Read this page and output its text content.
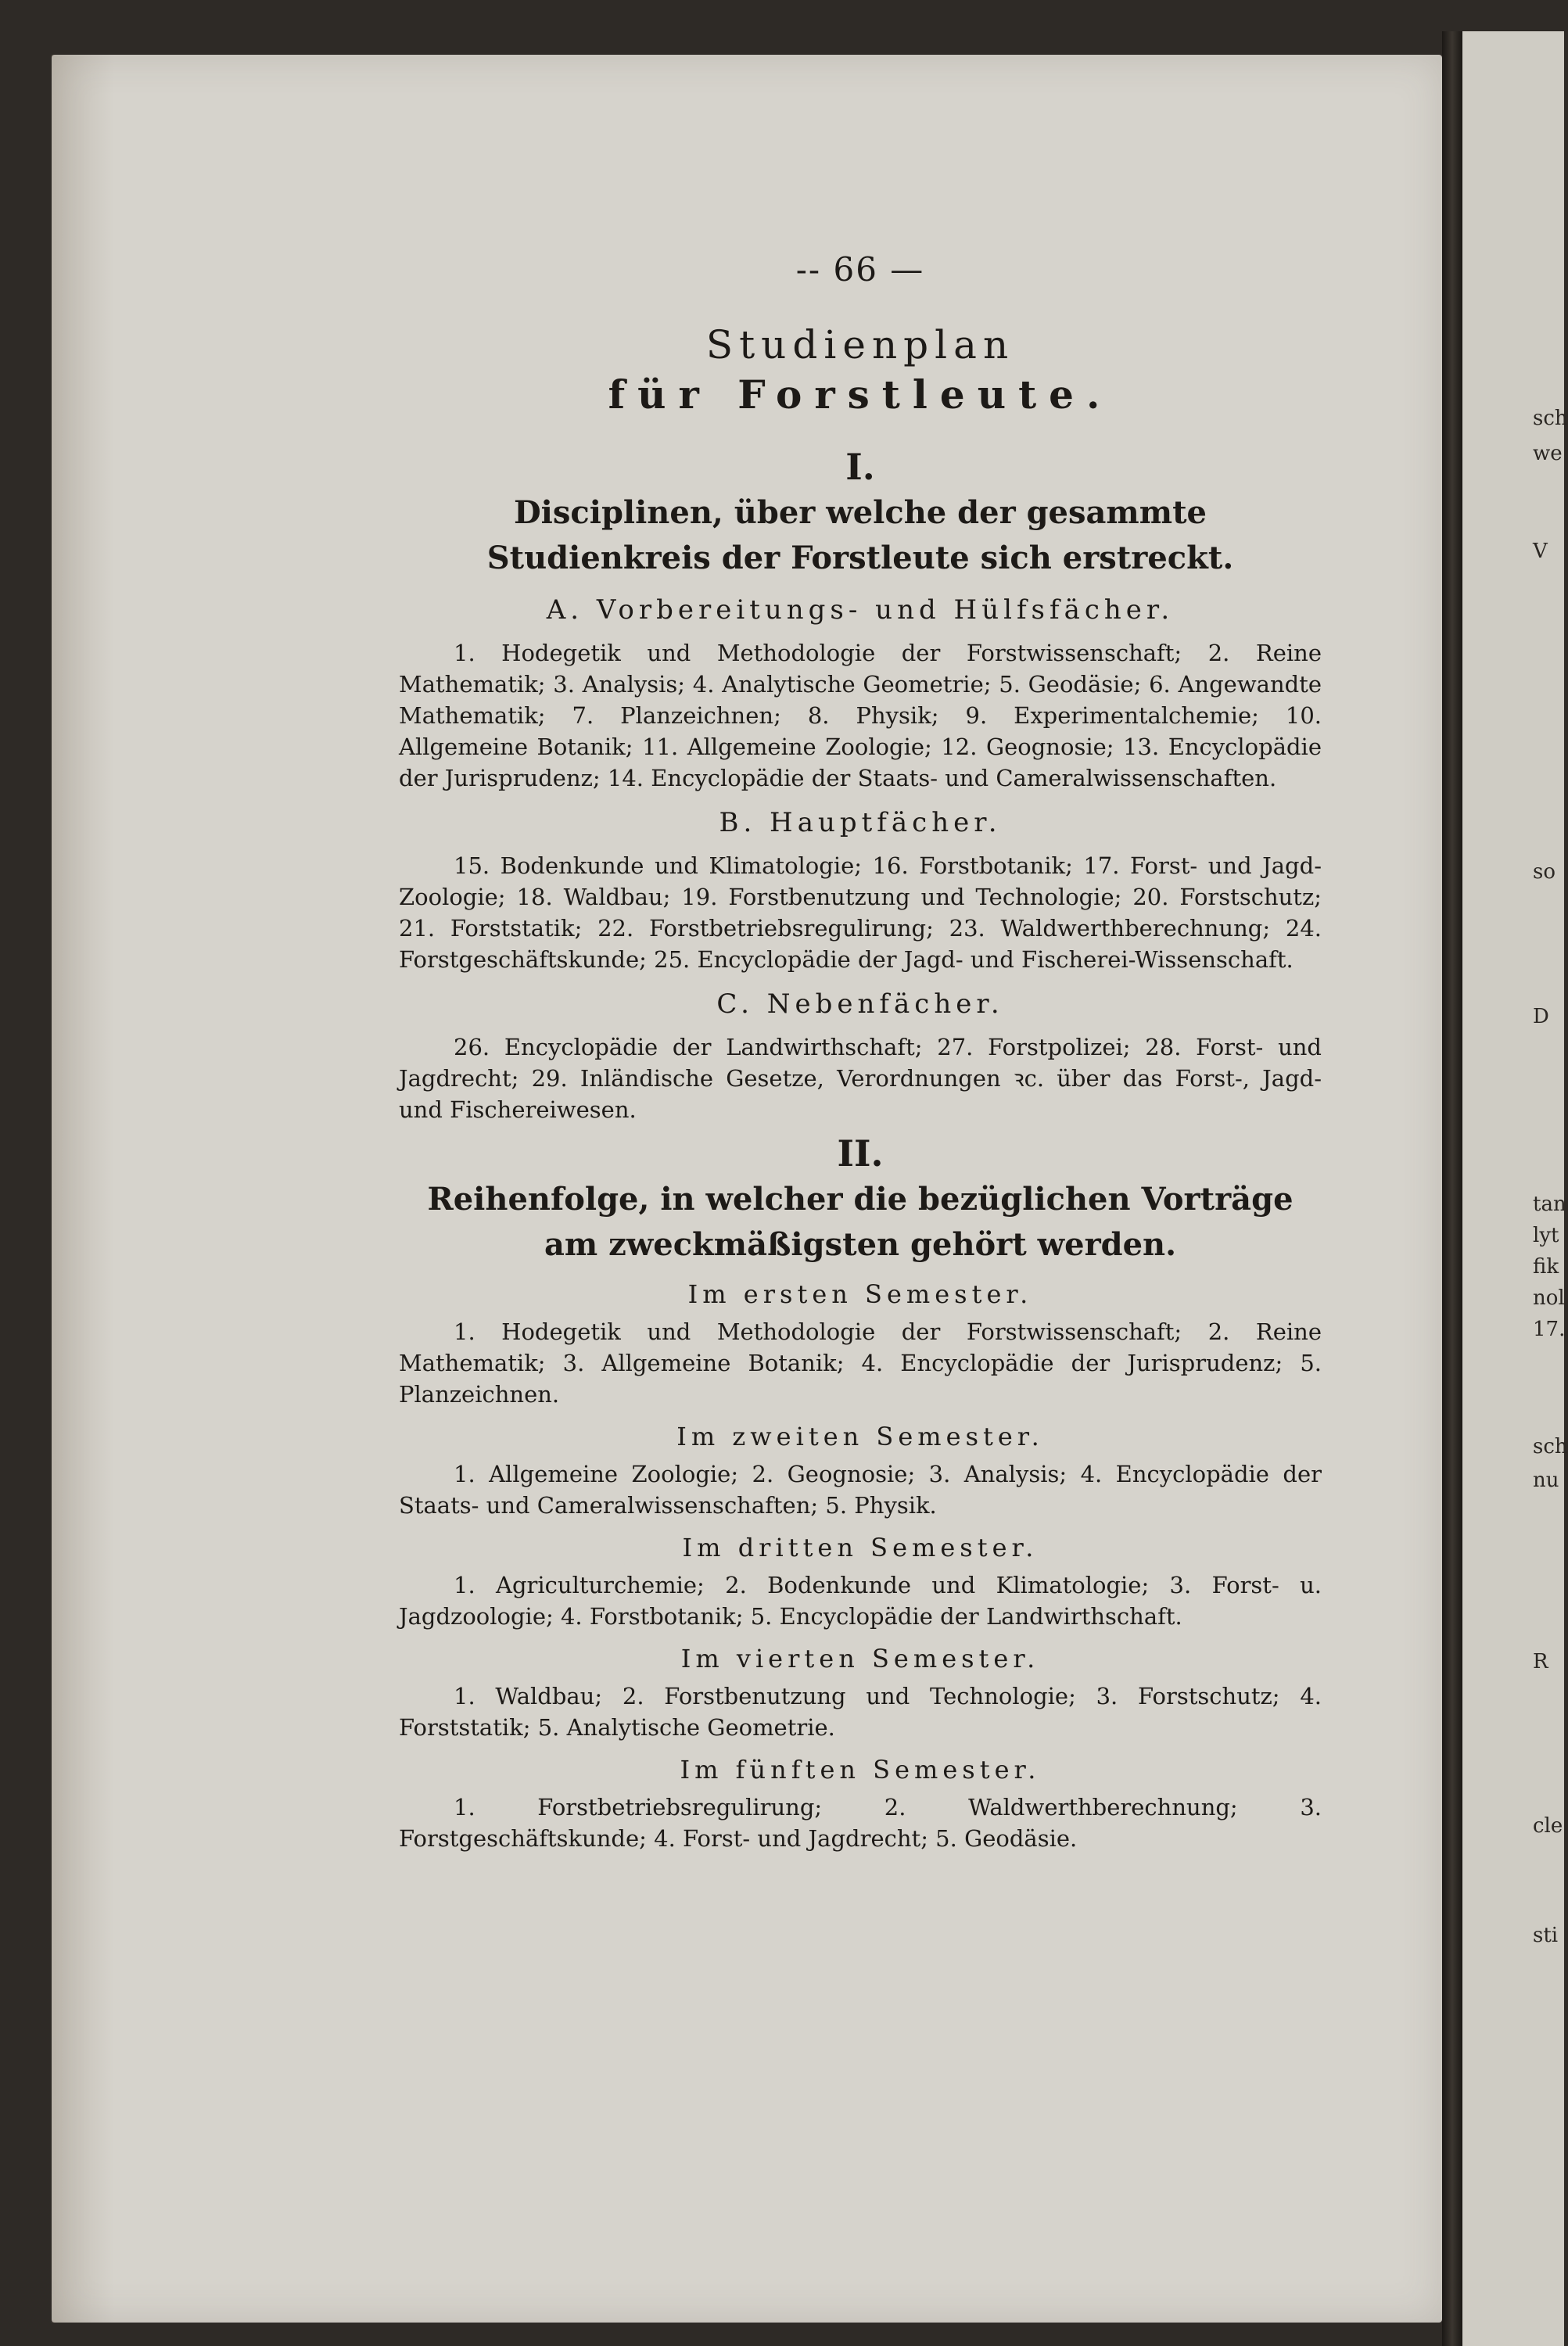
sch
we
V
so
D
tan
lyt
fik
nol
17.
sch
nu
R
cle
sti
-- 66 —
Studienplan
für Forstleute.
I.
Disciplinen, über welche der gesammte Studienkreis der Forstleute sich erstreckt.
A. Vorbereitungs- und Hülfsfächer.
1. Hodegetik und Methodologie der Forstwissenschaft; 2. Reine Mathematik; 3. Analysis; 4. Analytische Geometrie; 5. Geodäsie; 6. Angewandte Mathematik; 7. Planzeichnen; 8. Physik; 9. Experimentalchemie; 10. Allgemeine Botanik; 11. Allgemeine Zoologie; 12. Geognosie; 13. Encyclopädie der Jurisprudenz; 14. Encyclopädie der Staats- und Cameralwissenschaften.
B. Hauptfächer.
15. Bodenkunde und Klimatologie; 16. Forstbotanik; 17. Forst- und Jagd-Zoologie; 18. Waldbau; 19. Forstbenutzung und Technologie; 20. Forstschutz; 21. Forststatik; 22. Forstbetriebsregulirung; 23. Waldwerthberechnung; 24. Forstgeschäftskunde; 25. Encyclopädie der Jagd- und Fischerei-Wissenschaft.
C. Nebenfächer.
26. Encyclopädie der Landwirthschaft; 27. Forstpolizei; 28. Forst- und Jagdrecht; 29. Inländische Gesetze, Verordnungen ꝛc. über das Forst-, Jagd- und Fischereiwesen.
II.
Reihenfolge, in welcher die bezüglichen Vorträge am zweckmäßigsten gehört werden.
Im ersten Semester.
1. Hodegetik und Methodologie der Forstwissenschaft; 2. Reine Mathematik; 3. Allgemeine Botanik; 4. Encyclopädie der Jurisprudenz; 5. Planzeichnen.
Im zweiten Semester.
1. Allgemeine Zoologie; 2. Geognosie; 3. Analysis; 4. Encyclopädie der Staats- und Cameralwissenschaften; 5. Physik.
Im dritten Semester.
1. Agriculturchemie; 2. Bodenkunde und Klimatologie; 3. Forst- u. Jagdzoologie; 4. Forstbotanik; 5. Encyclopädie der Landwirthschaft.
Im vierten Semester.
1. Waldbau; 2. Forstbenutzung und Technologie; 3. Forstschutz; 4. Forststatik; 5. Analytische Geometrie.
Im fünften Semester.
1. Forstbetriebsregulirung; 2. Waldwerthberechnung; 3. Forstgeschäftskunde; 4. Forst- und Jagdrecht; 5. Geodäsie.
